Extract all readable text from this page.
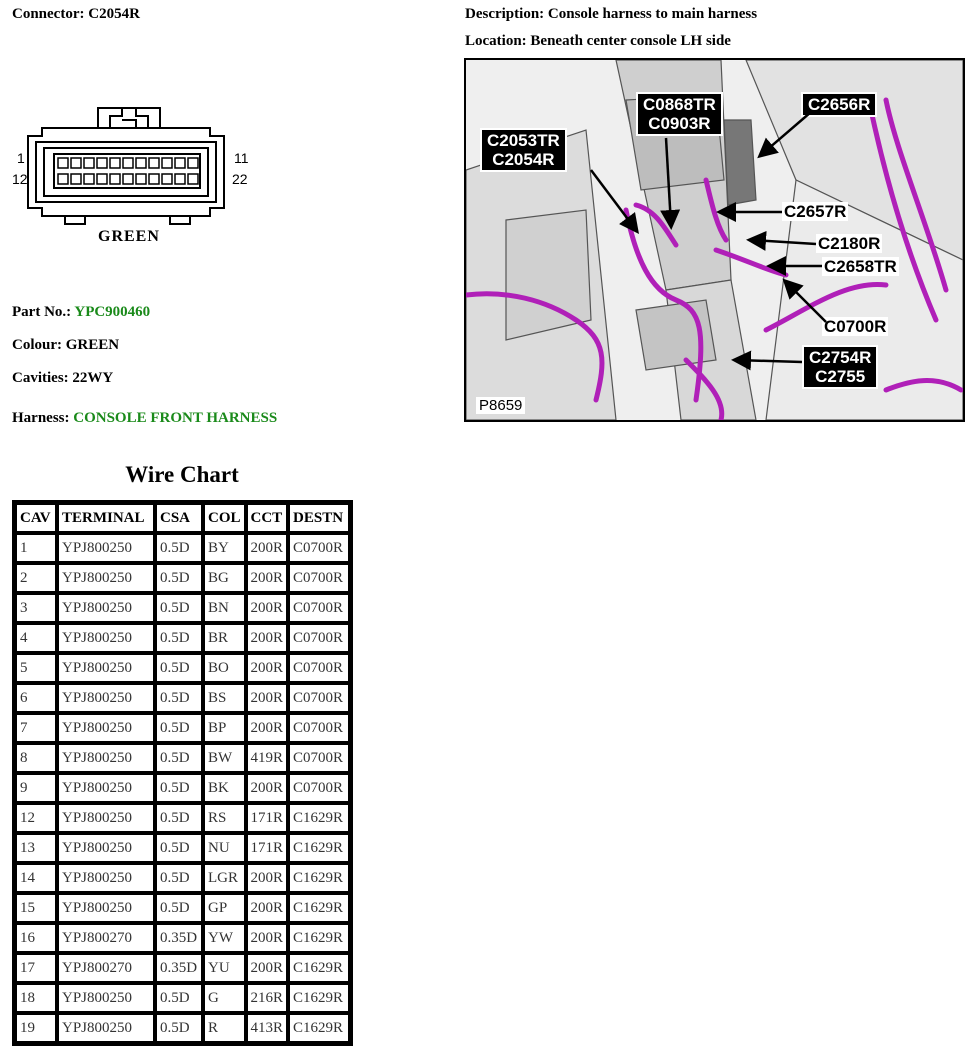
Connector: C2054R	Description: Console harness to main harness
Location: Beneath center console LH side
1
12
11
22
GREEN
Part No.: YPC900460
Colour: GREEN
Cavities: 22WY
Harness: CONSOLE FRONT HARNESS
C0868TR
C0903R
C2053TR
C2054R
C2656R
C2657R
C2180R
C2658TR
C0700R
C2754R
C2755
P8659
Wire Chart
CAV	TERMINAL	CSA	COL	CCT	DESTN
1	YPJ800250	0.5D	BY	200R	C0700R
2	YPJ800250	0.5D	BG	200R	C0700R
3	YPJ800250	0.5D	BN	200R	C0700R
4	YPJ800250	0.5D	BR	200R	C0700R
5	YPJ800250	0.5D	BO	200R	C0700R
6	YPJ800250	0.5D	BS	200R	C0700R
7	YPJ800250	0.5D	BP	200R	C0700R
8	YPJ800250	0.5D	BW	419R	C0700R
9	YPJ800250	0.5D	BK	200R	C0700R
12	YPJ800250	0.5D	RS	171R	C1629R
13	YPJ800250	0.5D	NU	171R	C1629R
14	YPJ800250	0.5D	LGR	200R	C1629R
15	YPJ800250	0.5D	GP	200R	C1629R
16	YPJ800270	0.35D	YW	200R	C1629R
17	YPJ800270	0.35D	YU	200R	C1629R
18	YPJ800250	0.5D	G	216R	C1629R
19	YPJ800250	0.5D	R	413R	C1629R
